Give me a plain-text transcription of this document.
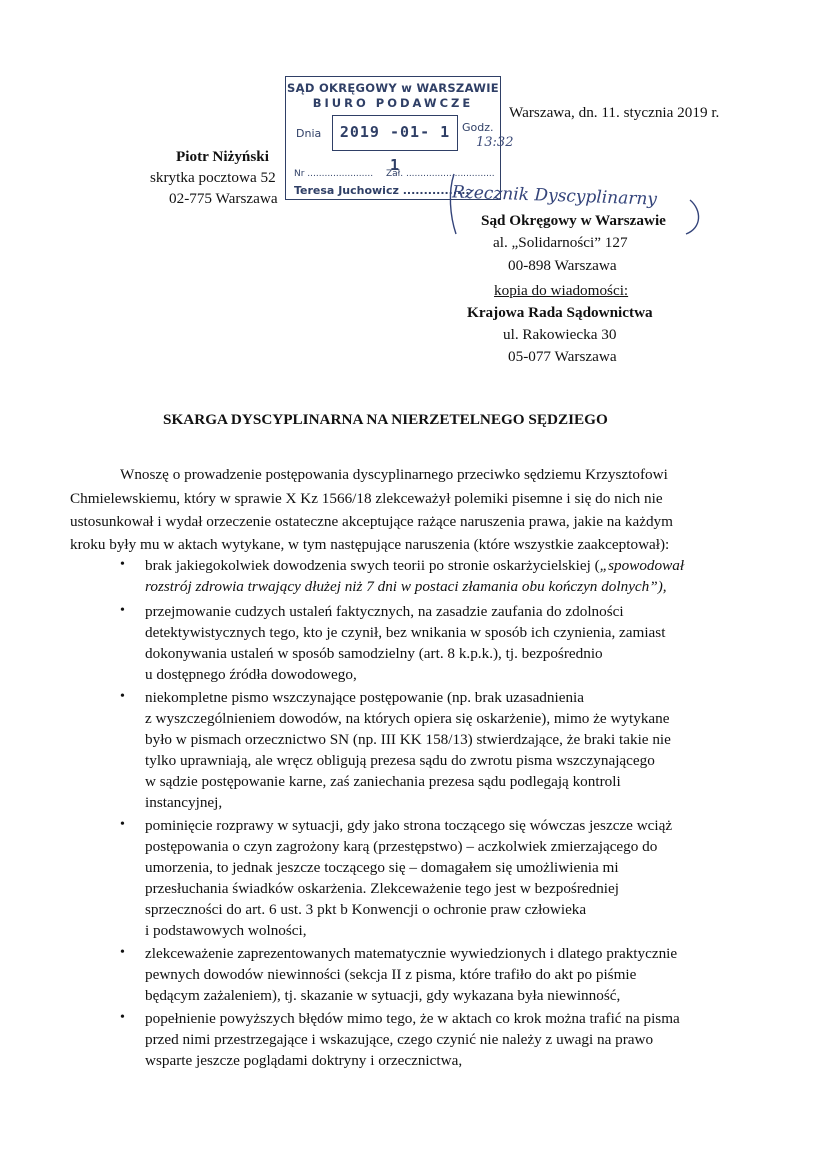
SĄD OKRĘGOWY w WARSZAWIE
BIURO PODAWCZE
Dnia	2019 -01- 1 1
Godz.
13:32
Nr ....................... Zał. ...............................
Teresa Juchowicz ................
Rzecznik Dyscyplinarny
Warszawa, dn. 11. stycznia 2019 r.
Piotr Niżyński
skrytka pocztowa 52
02-775 Warszawa
Sąd Okręgowy w Warszawie
al. „Solidarności” 127
00-898 Warszawa
kopia do wiadomości:
Krajowa Rada Sądownictwa
ul. Rakowiecka 30
05-077 Warszawa
SKARGA DYSCYPLINARNA NA NIERZETELNEGO SĘDZIEGO
Wnoszę o prowadzenie postępowania dyscyplinarnego przeciwko sędziemu Krzysztofowi
Chmielewskiemu, który w sprawie X Kz 1566/18 zlekceważył polemiki pisemne i się do nich nie
ustosunkował i wydał orzeczenie ostateczne akceptujące rażące naruszenia prawa, jakie na każdym
kroku były mu w aktach wytykane, w tym następujące naruszenia (które wszystkie zaakceptował):
• brak jakiegokolwiek dowodzenia swych teorii po stronie oskarżycielskiej („spowodował
rozstrój zdrowia trwający dłużej niż 7 dni w postaci złamania obu kończyn dolnych”),
• przejmowanie cudzych ustaleń faktycznych, na zasadzie zaufania do zdolności
detektywistycznych tego, kto je czynił, bez wnikania w sposób ich czynienia, zamiast
dokonywania ustaleń w sposób samodzielny (art. 8 k.p.k.), tj. bezpośrednio
u dostępnego źródła dowodowego,
• niekompletne pismo wszczynające postępowanie (np. brak uzasadnienia
z wyszczególnieniem dowodów, na których opiera się oskarżenie), mimo że wytykane
było w pismach orzecznictwo SN (np. III KK 158/13) stwierdzające, że braki takie nie
tylko uprawniają, ale wręcz obligują prezesa sądu do zwrotu pisma wszczynającego
w sądzie postępowanie karne, zaś zaniechania prezesa sądu podlegają kontroli
instancyjnej,
• pominięcie rozprawy w sytuacji, gdy jako strona toczącego się wówczas jeszcze wciąż
postępowania o czyn zagrożony karą (przestępstwo) – aczkolwiek zmierzającego do
umorzenia, to jednak jeszcze toczącego się – domagałem się umożliwienia mi
przesłuchania świadków oskarżenia. Zlekceważenie tego jest w bezpośredniej
sprzeczności do art. 6 ust. 3 pkt b Konwencji o ochronie praw człowieka
i podstawowych wolności,
• zlekceważenie zaprezentowanych matematycznie wywiedzionych i dlatego praktycznie
pewnych dowodów niewinności (sekcja II z pisma, które trafiło do akt po piśmie
będącym zażaleniem), tj. skazanie w sytuacji, gdy wykazana była niewinność,
• popełnienie powyższych błędów mimo tego, że w aktach co krok można trafić na pisma
przed nimi przestrzegające i wskazujące, czego czynić nie należy z uwagi na prawo
wsparte jeszcze poglądami doktryny i orzecznictwa,
